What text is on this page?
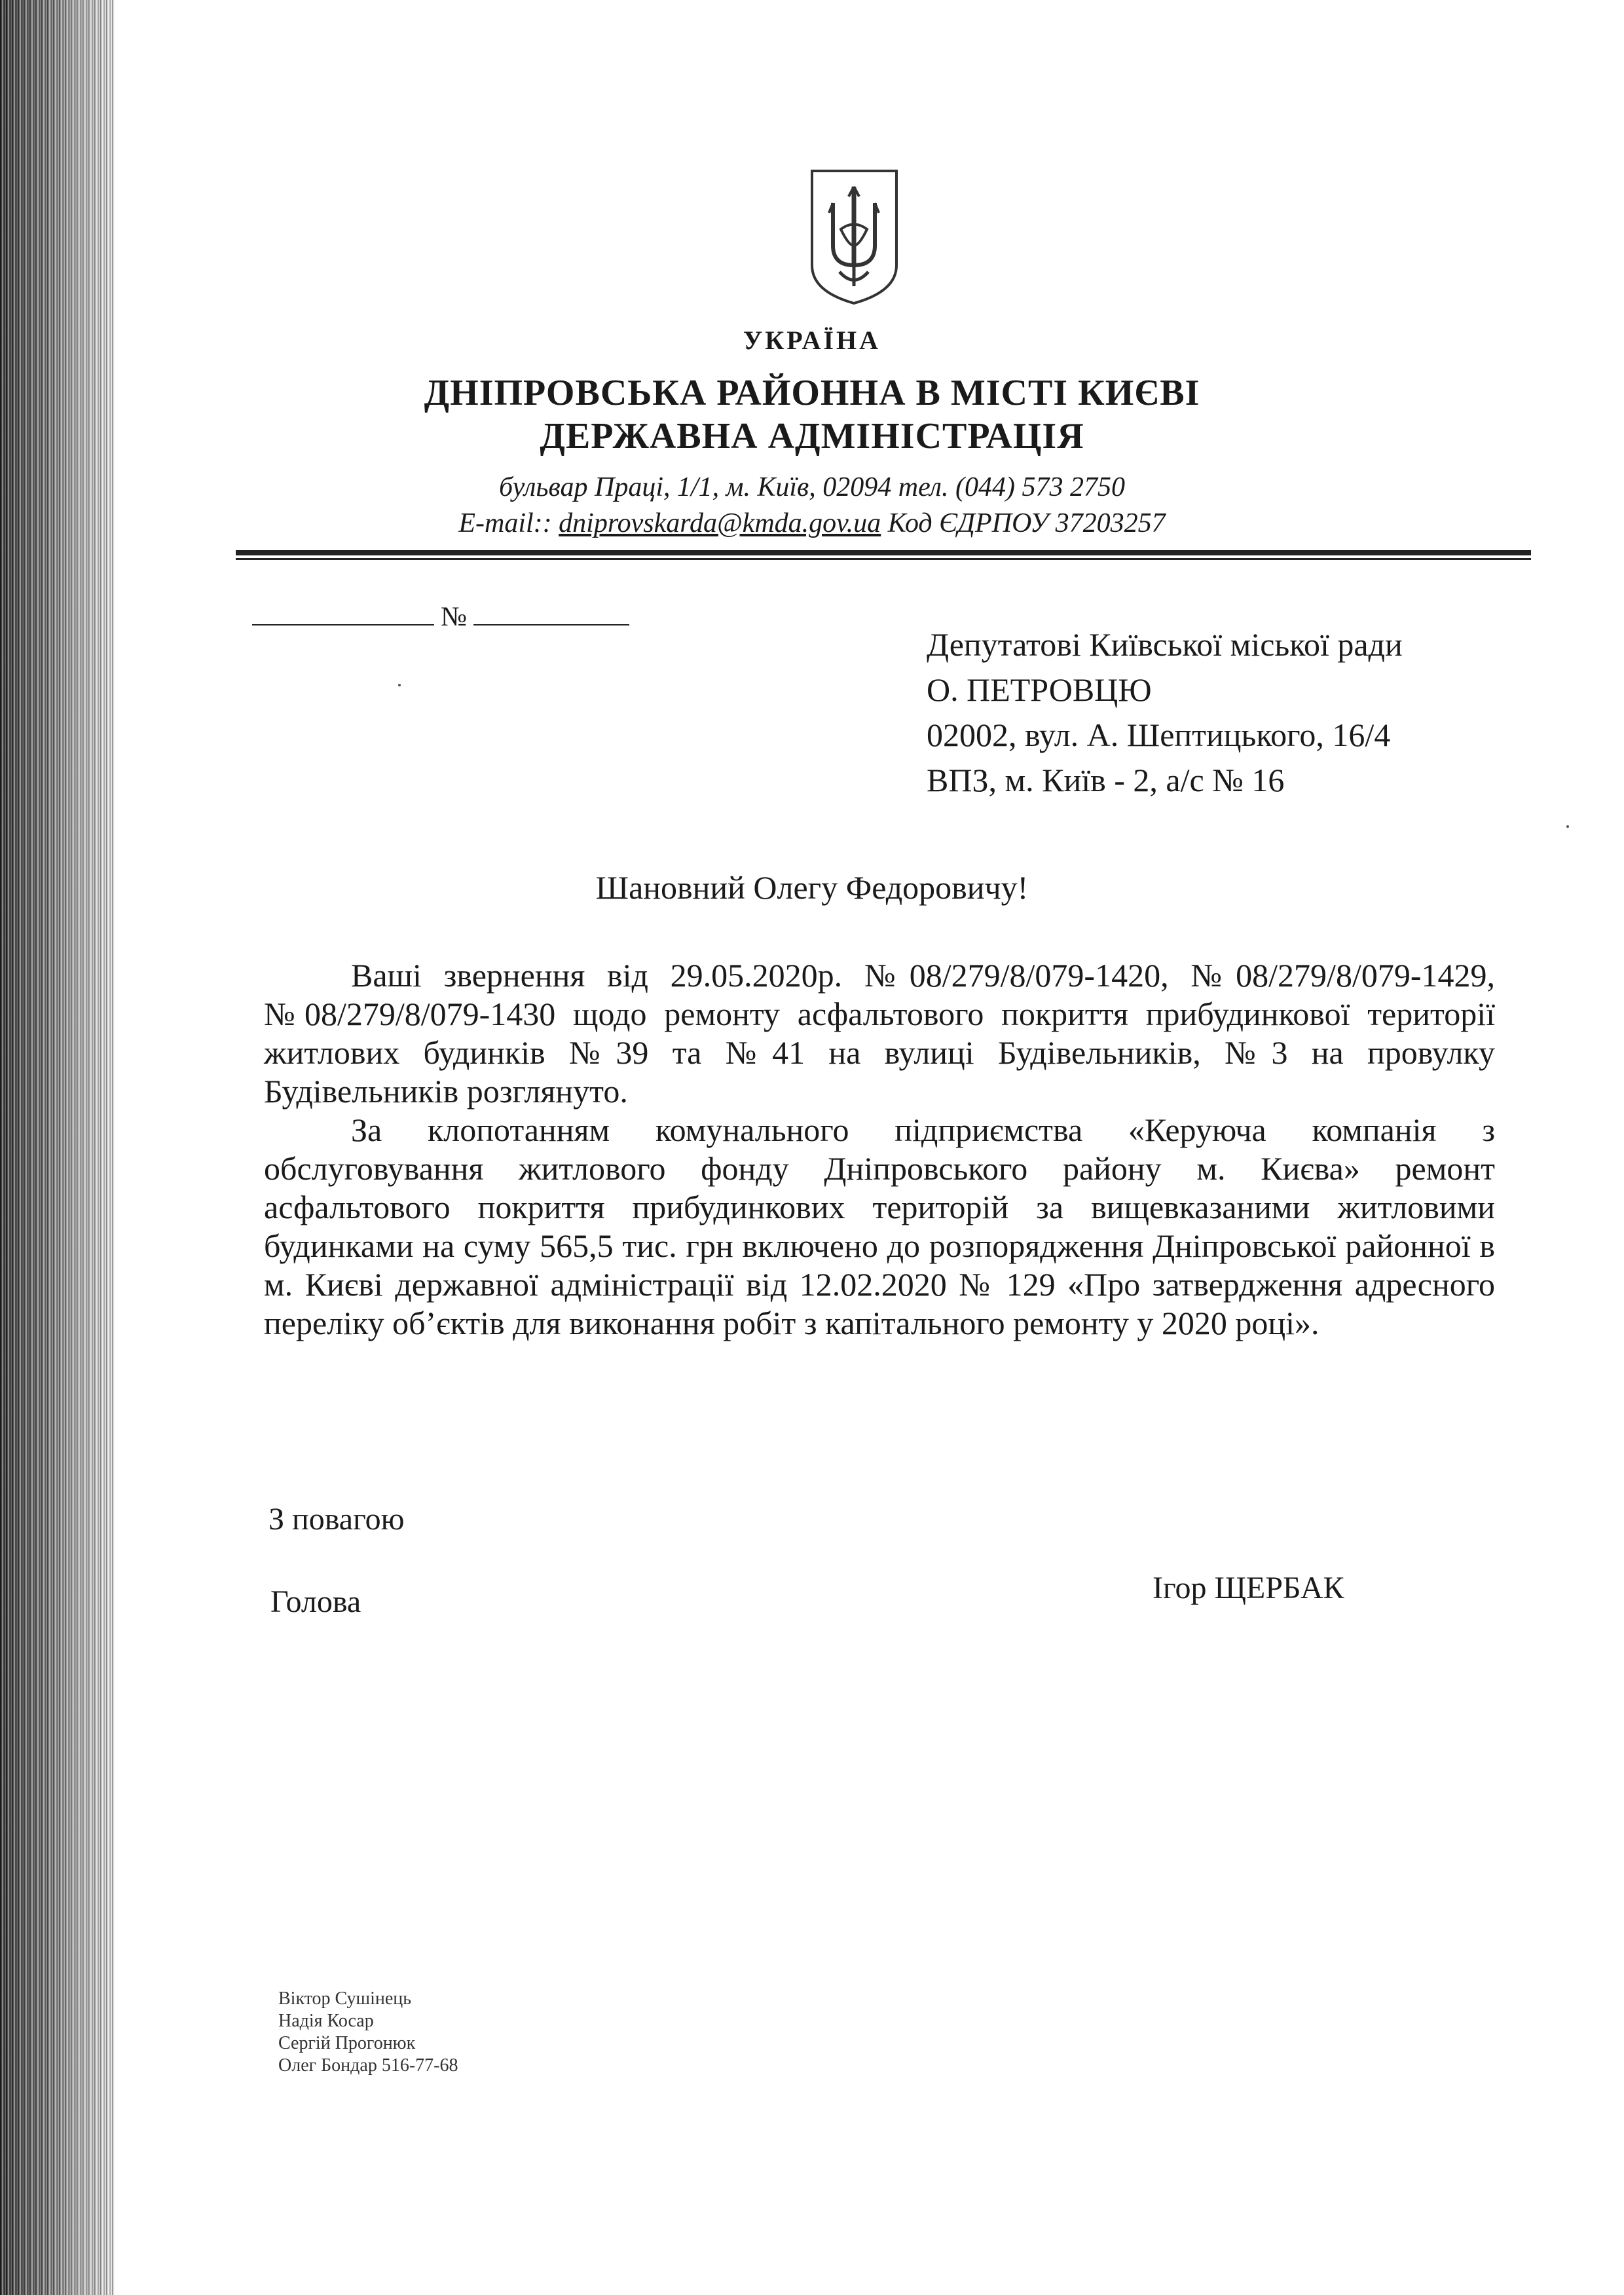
УКРАЇНА
ДНІПРОВСЬКА РАЙОННА В МІСТІ КИЄВІ
ДЕРЖАВНА АДМІНІСТРАЦІЯ
бульвар Праці, 1/1, м. Київ, 02094 тел. (044) 573 2750
E-mail:: dniprovskarda@kmda.gov.ua Код ЄДРПОУ 37203257
№
Депутатові Київської міської ради
О. ПЕТРОВЦЮ
02002, вул. А. Шептицького, 16/4
ВПЗ, м. Київ - 2, а/с № 16
Шановний Олегу Федоровичу!

Ваші звернення від 29.05.2020р. №08/279/8/079-1420, №08/279/8/079-1429, №08/279/8/079-1430 щодо ремонту асфальтового покриття прибудинкової території житлових будинків №39 та №41 на вулиці Будівельників, №3 на провулку Будівельників розглянуто.

За клопотанням комунального підприємства «Керуюча компанія з обслуговування житлового фонду Дніпровського району м. Києва» ремонт асфальтового покриття прибудинкових територій за вищевказаними житловими будинками на суму 565,5 тис. грн включено до розпорядження Дніпровської районної в м. Києві державної адміністрації від 12.02.2020 № 129 «Про затвердження адресного переліку об’єктів для виконання робіт з капітального ремонту у 2020 році».

З повагою
Голова	Ігор ЩЕРБАК
Віктор Сушінець
Надія Косар
Сергій Прогонюк
Олег Бондар 516-77-68
